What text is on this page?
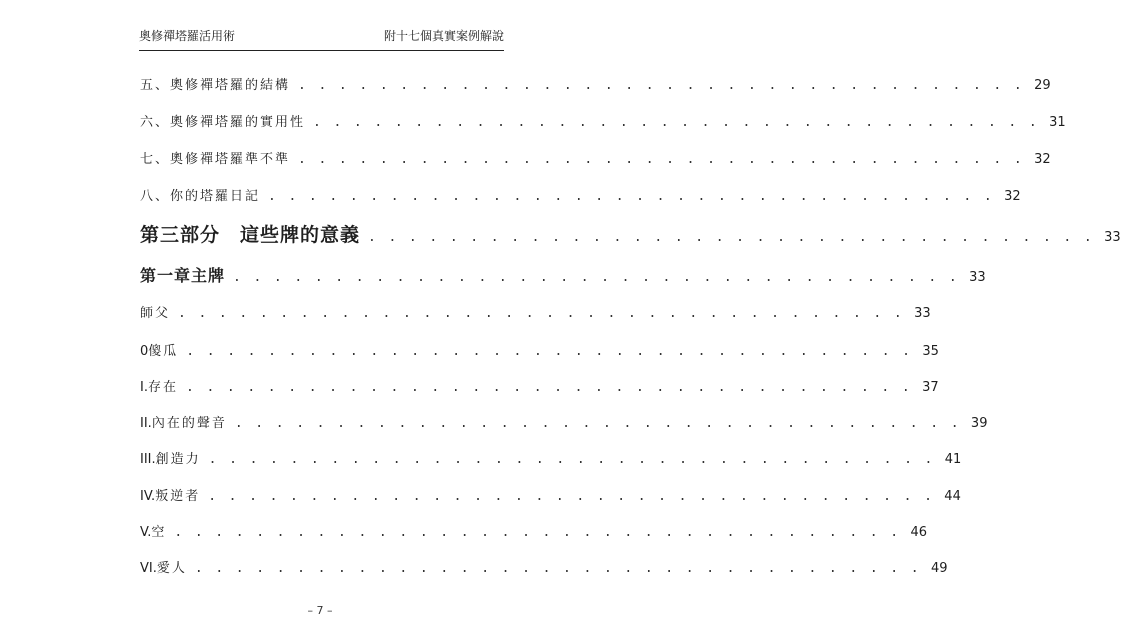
奧修禪塔羅活用術	附十七個真實案例解說
五、奧修禪塔羅的結構 . . . . . . . . . . . . . . . . . . . . . . . . . . . . . . . . . . . . 29
六、奧修禪塔羅的實用性 . . . . . . . . . . . . . . . . . . . . . . . . . . . . . . . . . . . . 31
七、奧修禪塔羅準不準 . . . . . . . . . . . . . . . . . . . . . . . . . . . . . . . . . . . . 32
八、你的塔羅日記 . . . . . . . . . . . . . . . . . . . . . . . . . . . . . . . . . . . . 32
第三部分　這些牌的意義 . . . . . . . . . . . . . . . . . . . . . . . . . . . . . . . . . . . . 33
第一章主牌 . . . . . . . . . . . . . . . . . . . . . . . . . . . . . . . . . . . . 33
師父 . . . . . . . . . . . . . . . . . . . . . . . . . . . . . . . . . . . . 33
0 傻瓜 . . . . . . . . . . . . . . . . . . . . . . . . . . . . . . . . . . . . 35
I. 存在 . . . . . . . . . . . . . . . . . . . . . . . . . . . . . . . . . . . . 37
II. 內在的聲音 . . . . . . . . . . . . . . . . . . . . . . . . . . . . . . . . . . . . 39
III. 創造力 . . . . . . . . . . . . . . . . . . . . . . . . . . . . . . . . . . . . 41
IV. 叛逆者 . . . . . . . . . . . . . . . . . . . . . . . . . . . . . . . . . . . . 44
V. 空 . . . . . . . . . . . . . . . . . . . . . . . . . . . . . . . . . . . . 46
VI. 愛人 . . . . . . . . . . . . . . . . . . . . . . . . . . . . . . . . . . . . 49
– 7 –
